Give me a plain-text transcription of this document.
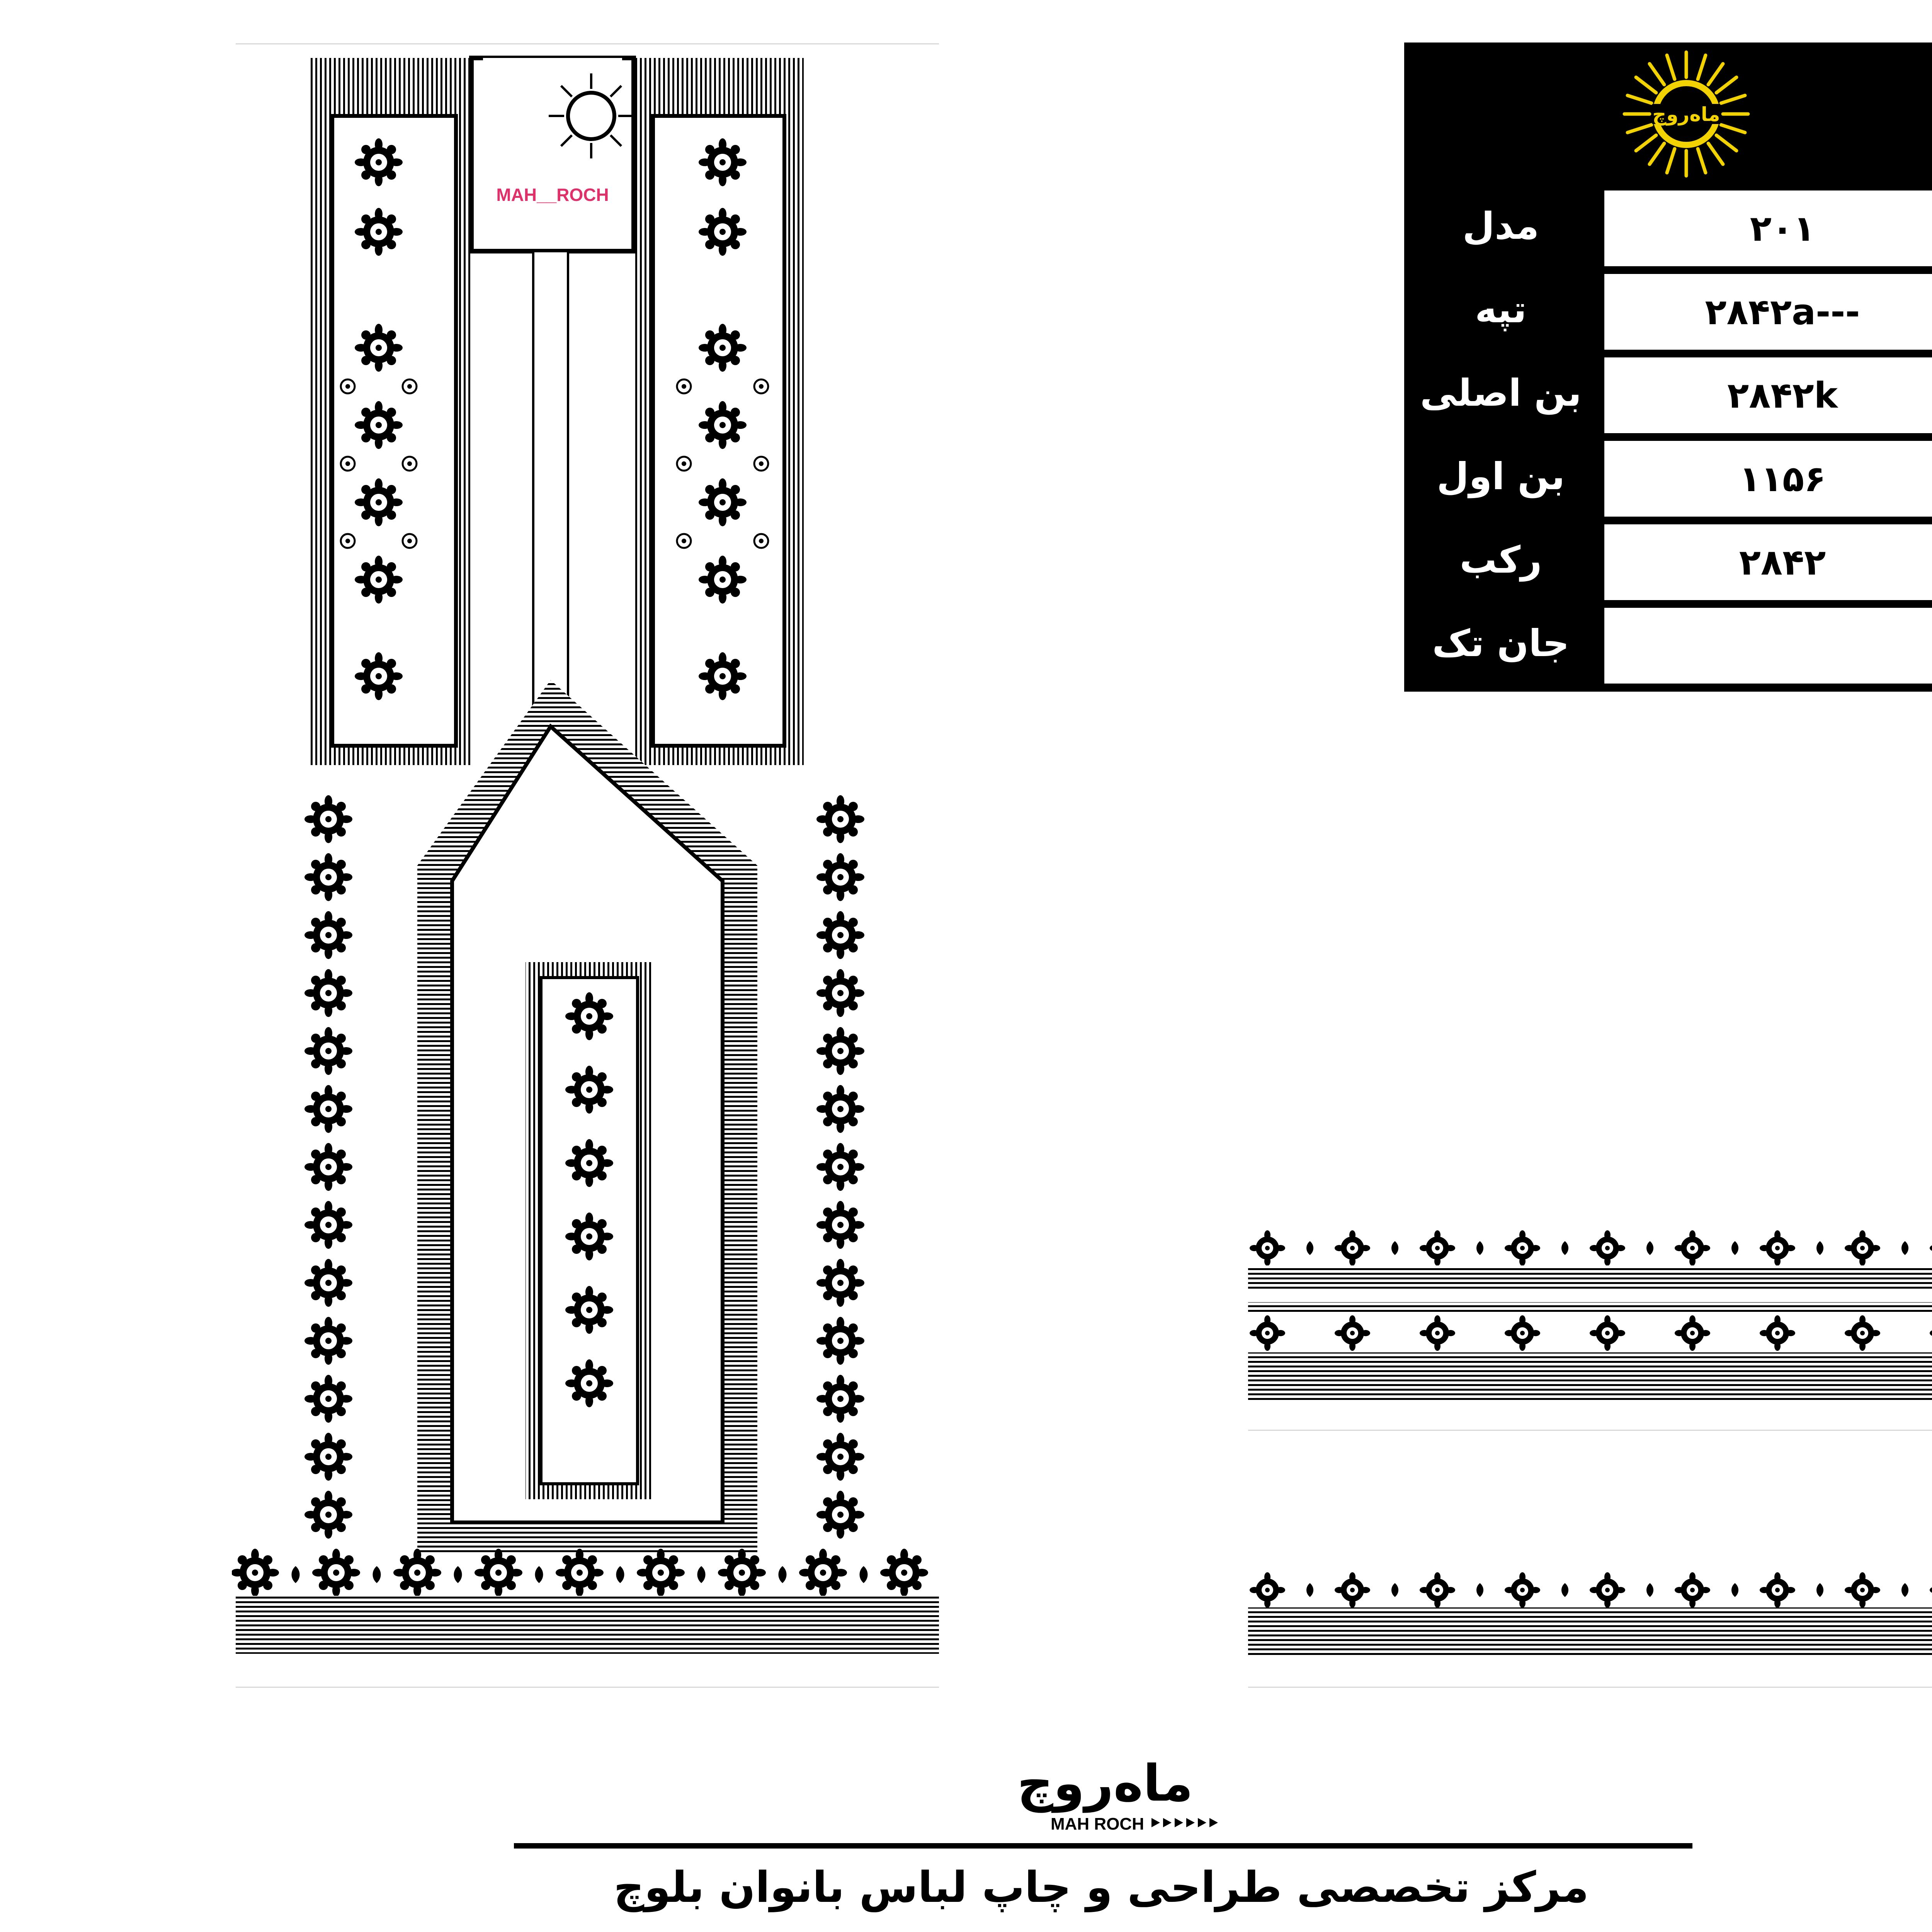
MAH__ROCH
ماه‌روچ
مدل	۲۰۱
تپه	۲۸۴۲a---
بن اصلی	۲۸۴۲k
بن اول	۱۱۵۶
رکب	۲۸۴۲
جان تک
ماه‌روچ
MAH ROCH
مرکز تخصصی طراحی و چاپ لباس بانوان بلوچ
